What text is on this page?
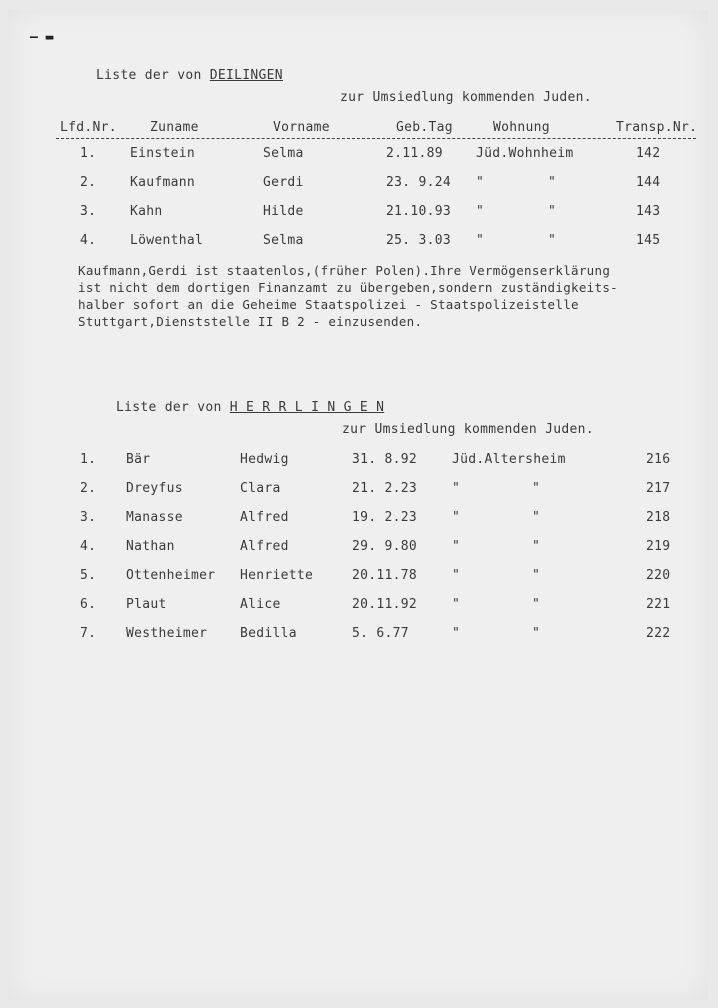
– ▬
Liste der von DEILINGEN
zur Umsiedlung kommenden Juden.
Lfd.Nr.	Zuname	Vorname	Geb.Tag	Wohnung	Transp.Nr.
1.	Einstein	Selma	2.11.89	Jüd.Wohnheim	142
2.	Kaufmann	Gerdi	23. 9.24 "	"	144
3.	Kahn	Hilde	21.10.93 "	"	143
4.	Löwenthal	Selma	25. 3.03 "	"	145
Kaufmann,Gerdi ist staatenlos,(früher Polen).Ihre Vermögenserklärung
ist nicht dem dortigen Finanzamt zu übergeben,sondern zuständigkeits-
halber sofort an die Geheime Staatspolizei - Staatspolizeistelle
Stuttgart,Dienststelle II B 2 - einzusenden.
Liste der von H E R R L I N G E N
zur Umsiedlung kommenden Juden.
1. Bär	Hedwig	31. 8.92	Jüd.Altersheim	216
2. Dreyfus	Clara	21. 2.23	"	"	217
3. Manasse	Alfred	19. 2.23	"	"	218
4. Nathan	Alfred	29. 9.80	"	"	219
5. Ottenheimer Henriette	20.11.78	"	"	220
6. Plaut	Alice	20.11.92	"	"	221
7. Westheimer	Bedilla	5. 6.77	"	"	222
